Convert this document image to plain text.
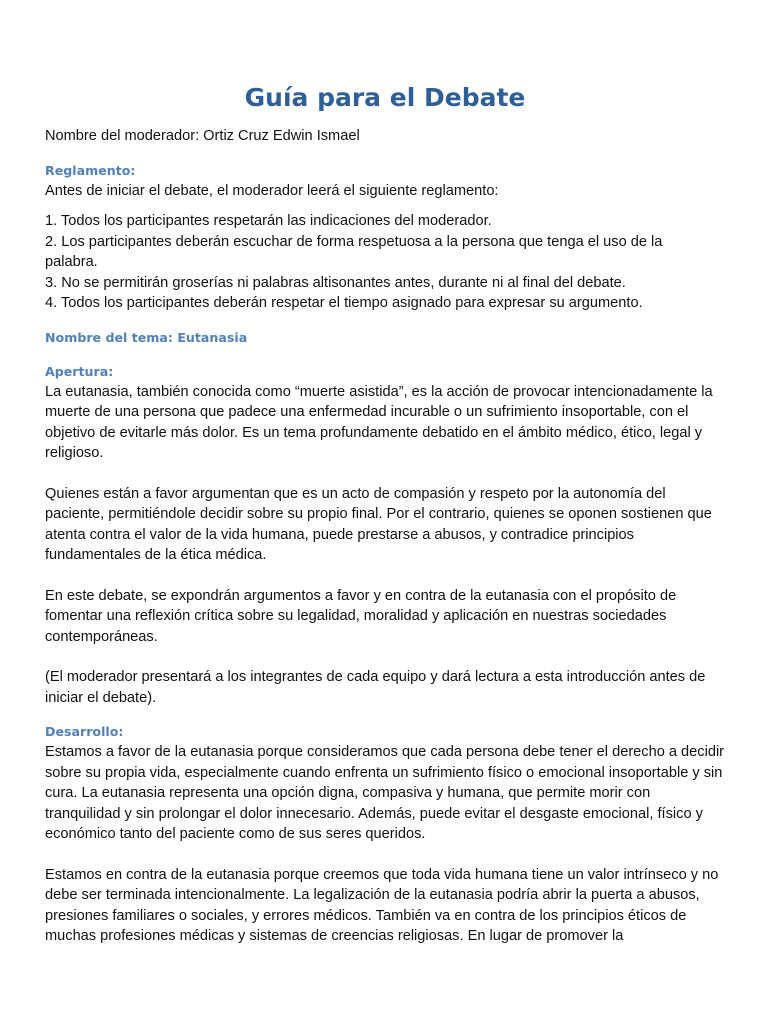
Guía para el Debate

Nombre del moderador: Ortiz Cruz Edwin Ismael

Reglamento:

Antes de iniciar el debate, el moderador leerá el siguiente reglamento:

1. Todos los participantes respetarán las indicaciones del moderador.
2. Los participantes deberán escuchar de forma respetuosa a la persona que tenga el uso de la
palabra.
3. No se permitirán groserías ni palabras altisonantes antes, durante ni al final del debate.
4. Todos los participantes deberán respetar el tiempo asignado para expresar su argumento.
Nombre del tema: Eutanasia
Apertura:

La eutanasia, también conocida como “muerte asistida”, es la acción de provocar intencionadamente la muerte de una persona que padece una enfermedad incurable o un sufrimiento insoportable, con el objetivo de evitarle más dolor. Es un tema profundamente debatido en el ámbito médico, ético, legal y religioso.

Quienes están a favor argumentan que es un acto de compasión y respeto por la autonomía del paciente, permitiéndole decidir sobre su propio final. Por el contrario, quienes se oponen sostienen que atenta contra el valor de la vida humana, puede prestarse a abusos, y contradice principios fundamentales de la ética médica.

En este debate, se expondrán argumentos a favor y en contra de la eutanasia con el propósito de fomentar una reflexión crítica sobre su legalidad, moralidad y aplicación en nuestras sociedades contemporáneas.

(El moderador presentará a los integrantes de cada equipo y dará lectura a esta introducción antes de iniciar el debate).

Desarrollo:

Estamos a favor de la eutanasia porque consideramos que cada persona debe tener el derecho a decidir sobre su propia vida, especialmente cuando enfrenta un sufrimiento físico o emocional insoportable y sin cura. La eutanasia representa una opción digna, compasiva y humana, que permite morir con tranquilidad y sin prolongar el dolor innecesario. Además, puede evitar el desgaste emocional, físico y económico tanto del paciente como de sus seres queridos.

Estamos en contra de la eutanasia porque creemos que toda vida humana tiene un valor intrínseco y no debe ser terminada intencionalmente. La legalización de la eutanasia podría abrir la puerta a abusos, presiones familiares o sociales, y errores médicos. También va en contra de los principios éticos de muchas profesiones médicas y sistemas de creencias religiosas. En lugar de promover la
